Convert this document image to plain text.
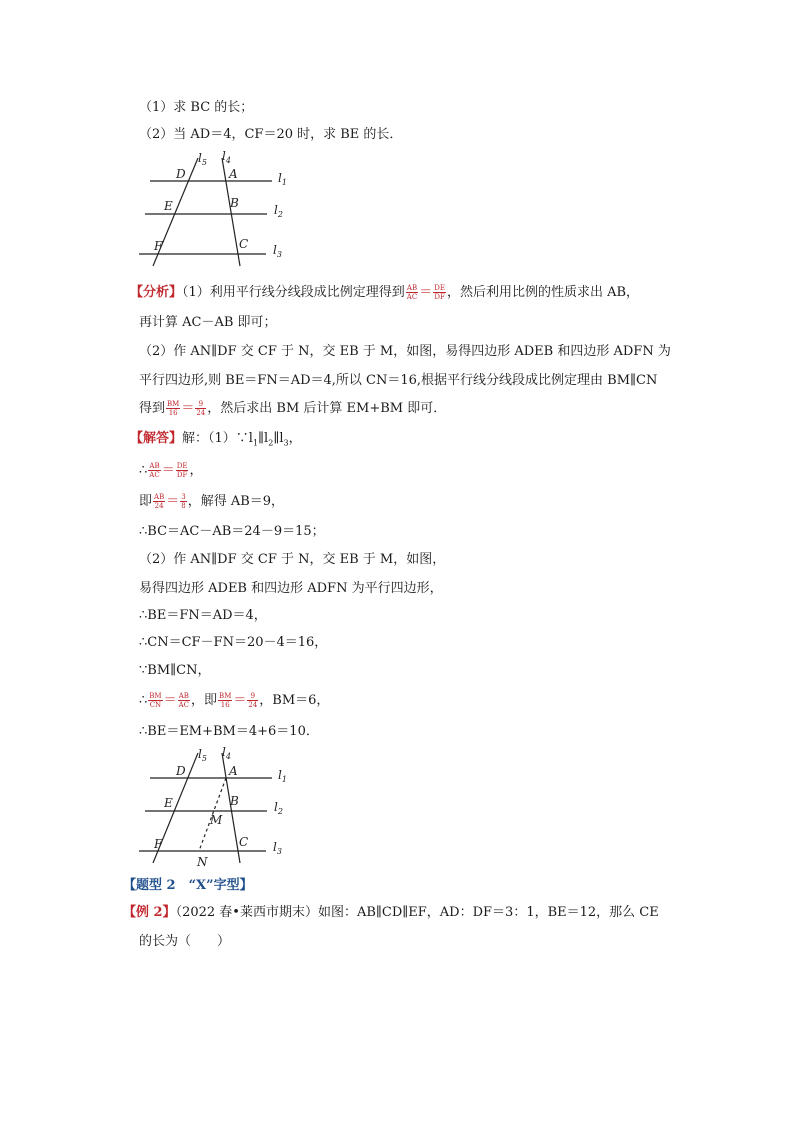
（1）求 BC 的长；
（2）当 AD＝4，CF＝20 时，求 BE 的长．
D	A
E	B
F	C
$l_5$ $l_4$
$l_1$
$l_2$
$l_3$
【分析】（1）利用平行线分线段成比例定理得到 $\frac{AB}{AC} = \frac{DE}{DF}$ ，然后利用比例的性质求出 AB，
再计算 AC－AB 即可；
（2）作 AN∥DF 交 CF 于 N，交 EB 于 M，如图，易得四边形 ADEB 和四边形 ADFN 为
平行四边形,则 BE＝FN＝AD＝4,所以 CN＝16,根据平行线分线段成比例定理由 BM∥CN
得到 $\frac{BM}{16} = \frac{9}{24}$ ，然后求出 BM 后计算 EM+BM 即可．
【解答】解：$(1)\because l_1\parallel l_2\parallel l_3$，
∴ $\frac{AB}{AC} = \frac{DE}{DF}$ ，
即 $\frac{AB}{24} = \frac{3}{8}$ ，解得 AB＝9，
∴BC＝AC－AB＝24－9＝15；
（2）作 AN∥DF 交 CF 于 N，交 EB 于 M，如图，
易得四边形 ADEB 和四边形 ADFN 为平行四边形，
∴BE＝FN＝AD＝4，
∴CN＝CF－FN＝20－4＝16，
∵BM∥CN，
∴ $\frac{BM}{CN} = \frac{AB}{AC}$ ，即 $\frac{BM}{16} = \frac{9}{24}$ ，BM＝6，
∴BE＝EM+BM＝4+6＝10．
D	A
E	B
M
F
N
C
$l_5$ $l_4$
$l_1$
$l_2$
$l_3$
【题型 2　“X”字型】
【例 2】（2022 春•莱西市期末）如图：AB∥CD∥EF，AD：DF＝3：1，BE＝12，那么 CE
的长为（　　）
